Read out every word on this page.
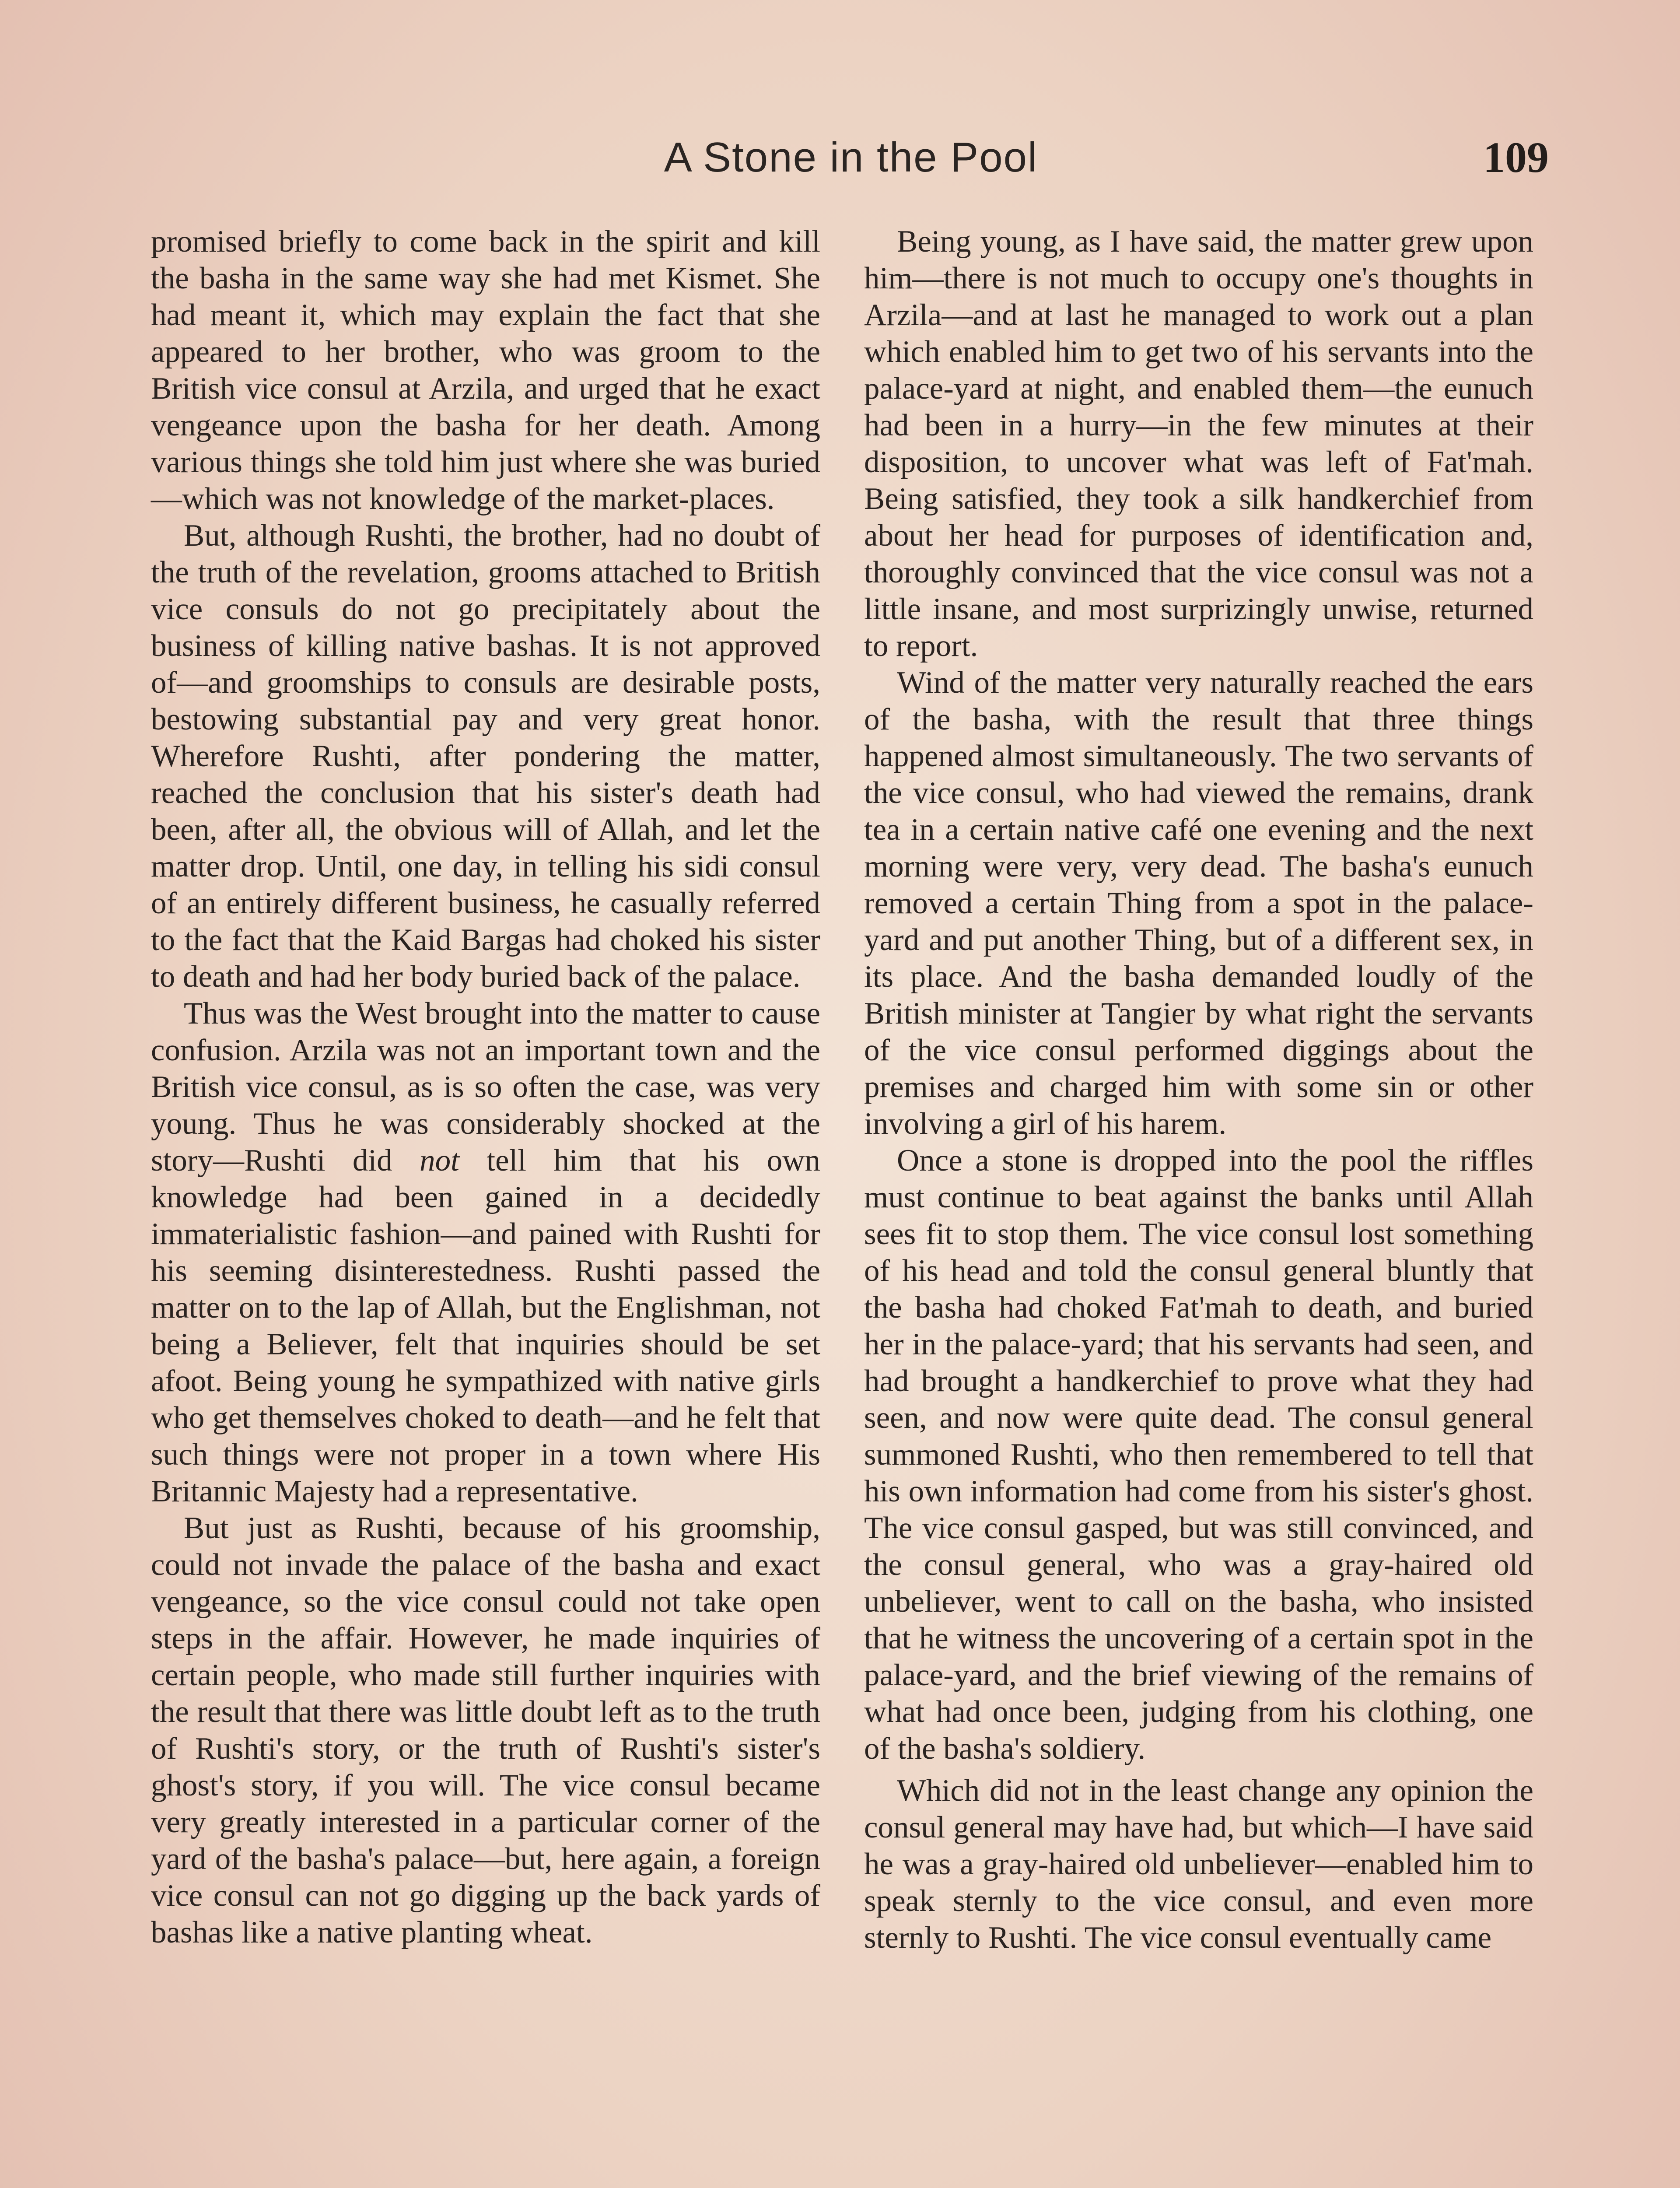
A Stone in the Pool	109

promised briefly to come back in the spirit and kill the basha in the same way she had met Kismet. She had meant it, which may explain the fact that she appeared to her brother, who was groom to the British vice consul at Arzila, and urged that he exact vengeance upon the basha for her death. Among various things she told him just where she was buried—which was not knowledge of the market-places.

But, although Rushti, the brother, had no doubt of the truth of the revelation, grooms attached to British vice consuls do not go precipitately about the business of killing native bashas. It is not approved of—and groomships to consuls are desirable posts, bestowing substantial pay and very great honor. Wherefore Rushti, after pondering the matter, reached the conclusion that his sister's death had been, after all, the obvious will of Allah, and let the matter drop. Until, one day, in telling his sidi consul of an entirely different business, he casually referred to the fact that the Kaid Bargas had choked his sister to death and had her body buried back of the palace.

Thus was the West brought into the matter to cause confusion. Arzila was not an important town and the British vice consul, as is so often the case, was very young. Thus he was considerably shocked at the story—Rushti did not tell him that his own knowledge had been gained in a decidedly immaterialistic fashion—and pained with Rushti for his seeming disinterestedness. Rushti passed the matter on to the lap of Allah, but the Englishman, not being a Believer, felt that inquiries should be set afoot. Being young he sympathized with native girls who get themselves choked to death—and he felt that such things were not proper in a town where His Britannic Majesty had a representative.

But just as Rushti, because of his groomship, could not invade the palace of the basha and exact vengeance, so the vice consul could not take open steps in the affair. However, he made inquiries of certain people, who made still further inquiries with the result that there was little doubt left as to the truth of Rushti's story, or the truth of Rushti's sister's ghost's story, if you will. The vice consul became very greatly interested in a particular corner of the yard of the basha's palace—but, here again, a foreign vice consul can not go digging up the back yards of bashas like a native planting wheat.

Being young, as I have said, the matter grew upon him—there is not much to occupy one's thoughts in Arzila—and at last he managed to work out a plan which enabled him to get two of his servants into the palace-yard at night, and enabled them—the eunuch had been in a hurry—in the few minutes at their disposition, to uncover what was left of Fat'mah. Being satisfied, they took a silk handkerchief from about her head for purposes of identification and, thoroughly convinced that the vice consul was not a little insane, and most surprizingly unwise, returned to report.

Wind of the matter very naturally reached the ears of the basha, with the result that three things happened almost simultaneously. The two servants of the vice consul, who had viewed the remains, drank tea in a certain native café one evening and the next morning were very, very dead. The basha's eunuch removed a certain Thing from a spot in the palace-yard and put another Thing, but of a different sex, in its place. And the basha demanded loudly of the British minister at Tangier by what right the servants of the vice consul performed diggings about the premises and charged him with some sin or other involving a girl of his harem.

Once a stone is dropped into the pool the riffles must continue to beat against the banks until Allah sees fit to stop them. The vice consul lost something of his head and told the consul general bluntly that the basha had choked Fat'mah to death, and buried her in the palace-yard; that his servants had seen, and had brought a handkerchief to prove what they had seen, and now were quite dead. The consul general summoned Rushti, who then remembered to tell that his own information had come from his sister's ghost. The vice consul gasped, but was still convinced, and the consul general, who was a gray-haired old unbeliever, went to call on the basha, who insisted that he witness the uncovering of a certain spot in the palace-yard, and the brief viewing of the remains of what had once been, judging from his clothing, one of the basha's soldiery.

Which did not in the least change any opinion the consul general may have had, but which—I have said he was a gray-haired old unbeliever—enabled him to speak sternly to the vice consul, and even more sternly to Rushti. The vice consul eventually came
